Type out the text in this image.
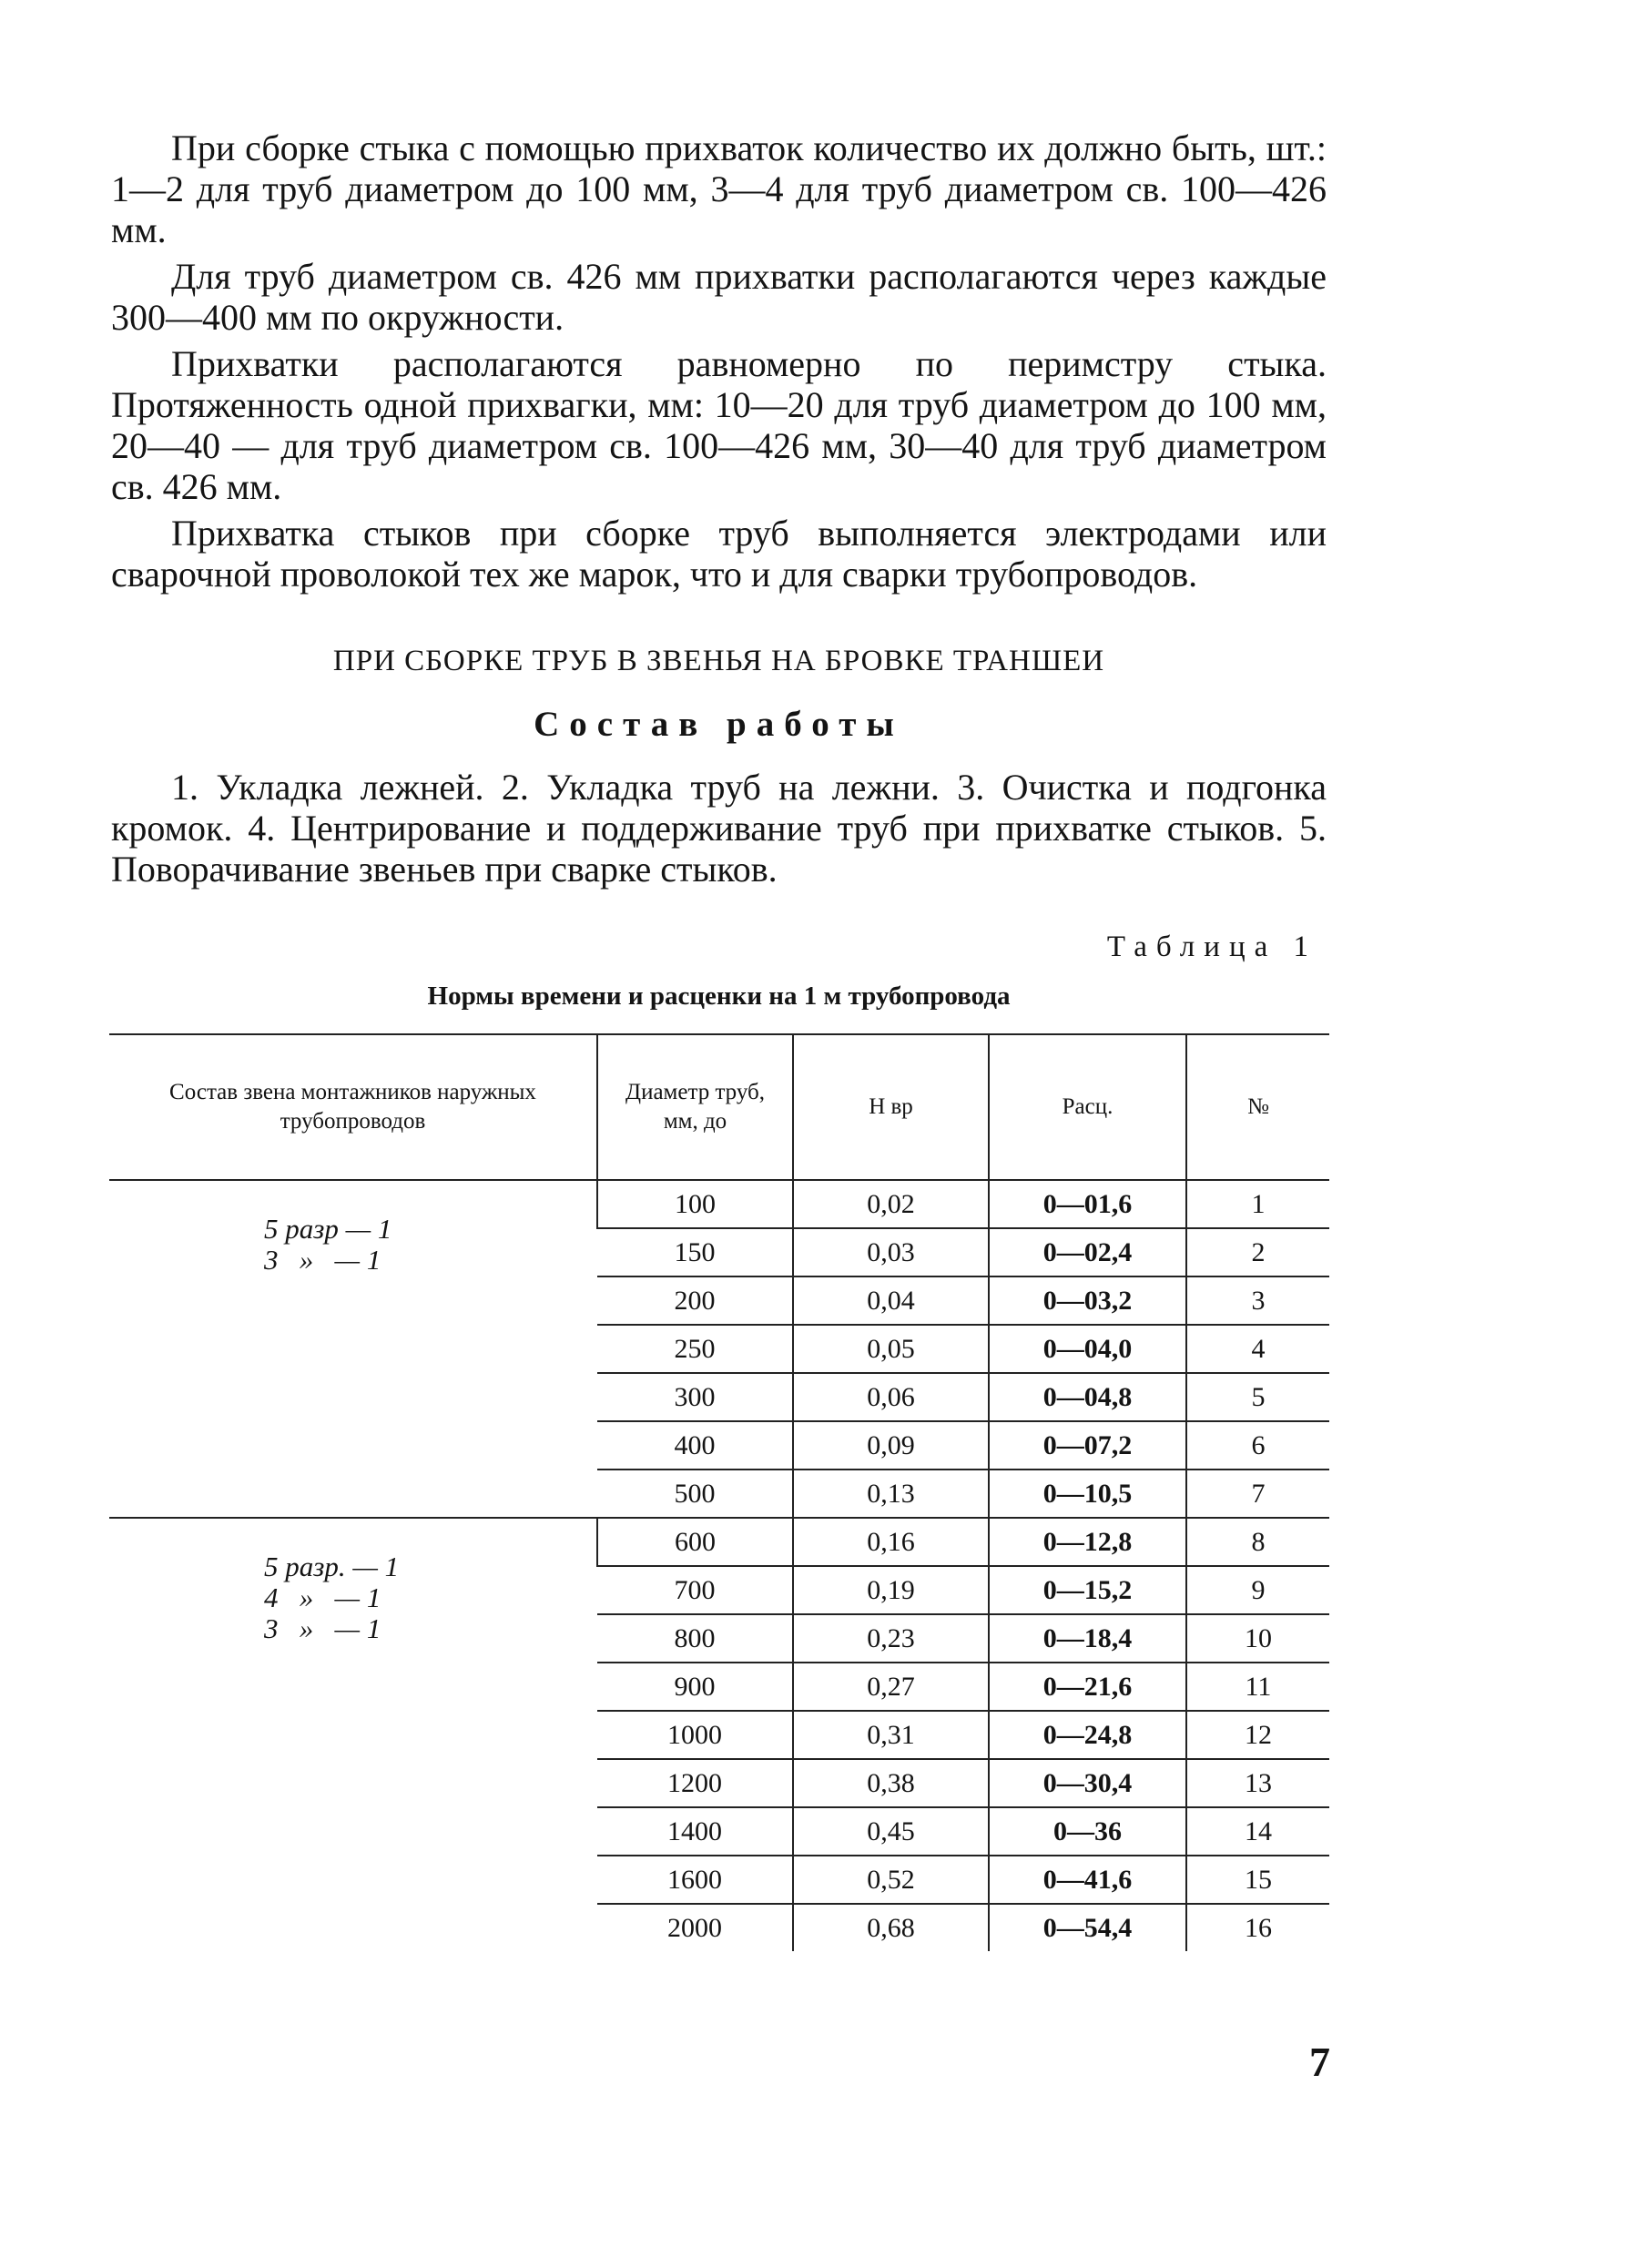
При сборке стыка с помощью прихваток количество их должно быть, шт.: 1—2 для труб диаметром до 100 мм, 3—4 для труб диаметром св. 100—426 мм.

Для труб диаметром св. 426 мм прихватки располагаются через каждые 300—400 мм по окружности.

Прихватки располагаются равномерно по перимстру стыка. Протяженность одной прихвагки, мм: 10—20 для труб диаметром до 100 мм, 20—40 — для труб диаметром св. 100—426 мм, 30—40 для труб диаметром св. 426 мм.

Прихватка стыков при сборке труб выполняется электродами или сварочной проволокой тех же марок, что и для сварки трубопроводов.

ПРИ СБОРКЕ ТРУБ В ЗВЕНЬЯ НА БРОВКЕ ТРАНШЕИ

Состав работы

1. Укладка лежней. 2. Укладка труб на лежни. 3. Очистка и подгонка кромок. 4. Центрирование и поддерживание труб при прихватке стыков. 5. Поворачивание звеньев при сварке стыков.

Таблица 1

Нормы времени и расценки на 1 м трубопровода

Состав звена монтажников наружных трубопроводов	Диаметр труб, мм, до	Н вр	Расц.	№

5 разр — 1
3   »   — 1	100	0,02	0—01,6	1
	150	0,03	0—02,4	2
	200	0,04	0—03,2	3
	250	0,05	0—04,0	4
	300	0,06	0—04,8	5
	400	0,09	0—07,2	6
	500	0,13	0—10,5	7

5 разр. — 1
4   »   — 1
3   »   — 1	600	0,16	0—12,8	8
	700	0,19	0—15,2	9
	800	0,23	0—18,4	10
	900	0,27	0—21,6	11
	1000	0,31	0—24,8	12
	1200	0,38	0—30,4	13
	1400	0,45	0—36	14
	1600	0,52	0—41,6	15
	2000	0,68	0—54,4	16

7
